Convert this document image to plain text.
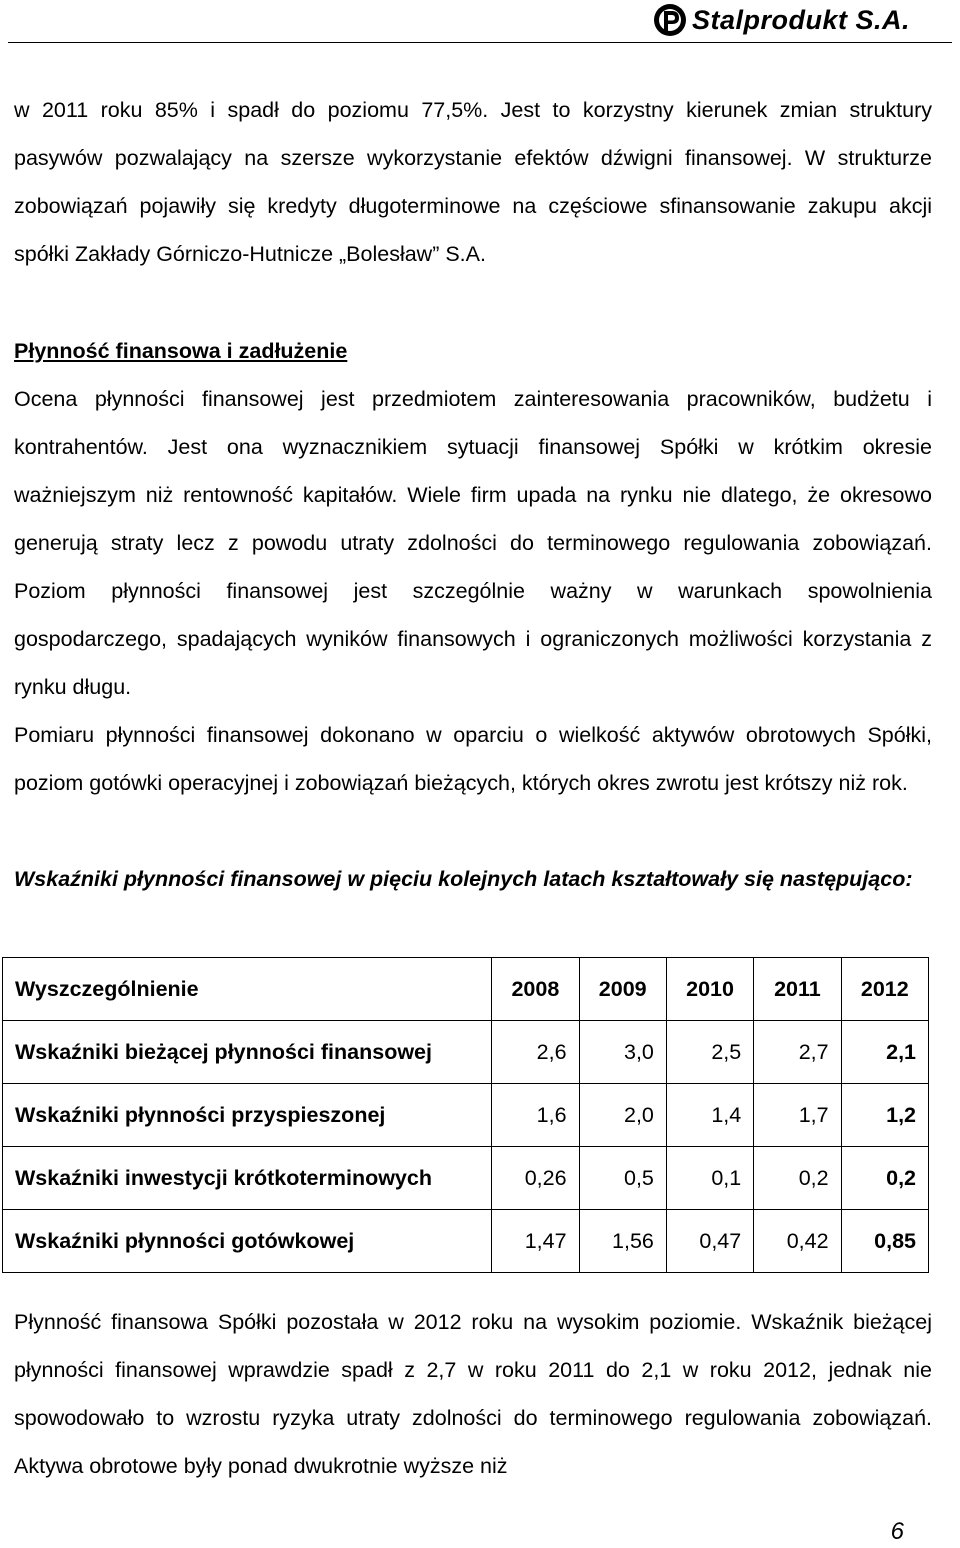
Stalprodukt S.A.

w 2011 roku 85% i spadł do poziomu 77,5%. Jest to korzystny kierunek zmian struktury pasywów pozwalający na szersze wykorzystanie efektów dźwigni finansowej. W strukturze zobowiązań pojawiły się kredyty długoterminowe na częściowe sfinansowanie zakupu akcji spółki Zakłady Górniczo-Hutnicze „Bolesław” S.A.

Płynność finansowa i zadłużenie

Ocena płynności finansowej jest przedmiotem zainteresowania pracowników, budżetu i kontrahentów. Jest ona wyznacznikiem sytuacji finansowej Spółki w krótkim okresie ważniejszym niż rentowność kapitałów. Wiele firm upada na rynku nie dlatego, że okresowo generują straty lecz z powodu utraty zdolności do terminowego regulowania zobowiązań. Poziom płynności finansowej jest szczególnie ważny w warunkach spowolnienia gospodarczego, spadających wyników finansowych i ograniczonych możliwości korzystania z rynku długu.

Pomiaru płynności finansowej dokonano w oparciu o wielkość aktywów obrotowych Spółki, poziom gotówki operacyjnej i zobowiązań bieżących, których okres zwrotu jest krótszy niż rok.

Wskaźniki płynności finansowej w pięciu kolejnych latach kształtowały się następująco:

Wyszczególnienie	2008	2009	2010	2011	2012
Wskaźniki bieżącej płynności finansowej	2,6	3,0	2,5	2,7	2,1
Wskaźniki płynności przyspieszonej	1,6	2,0	1,4	1,7	1,2
Wskaźniki inwestycji krótkoterminowych	0,26	0,5	0,1	0,2	0,2
Wskaźniki płynności gotówkowej	1,47	1,56	0,47	0,42	0,85

Płynność finansowa Spółki pozostała w 2012 roku na wysokim poziomie. Wskaźnik bieżącej płynności finansowej wprawdzie spadł z 2,7 w roku 2011 do 2,1 w roku 2012, jednak nie spowodowało to wzrostu ryzyka utraty zdolności do terminowego regulowania zobowiązań. Aktywa obrotowe były ponad dwukrotnie wyższe niż

6
